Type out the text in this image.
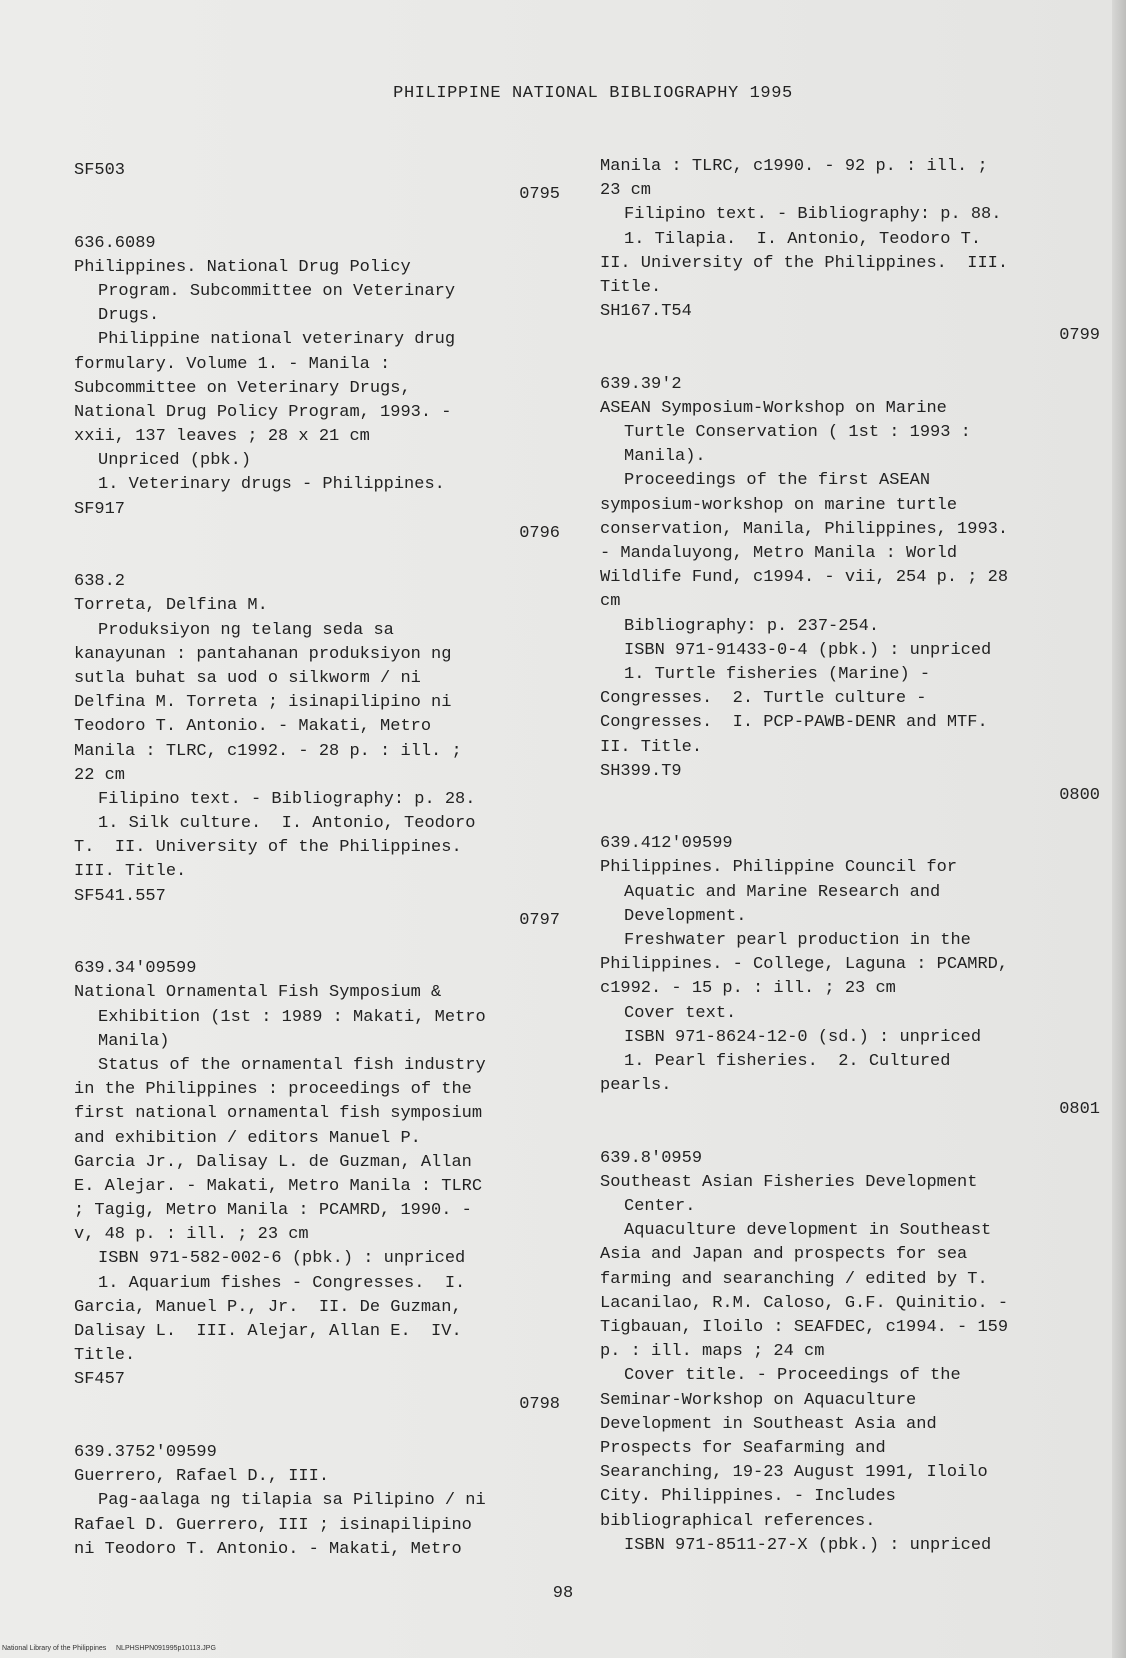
PHILIPPINE NATIONAL BIBLIOGRAPHY 1995
SF503
0795
636.6089
Philippines. National Drug Policy
Program. Subcommittee on Veterinary
Drugs.
Philippine national veterinary drug
formulary. Volume 1. - Manila :
Subcommittee on Veterinary Drugs,
National Drug Policy Program, 1993. -
xxii, 137 leaves ; 28 x 21 cm
Unpriced (pbk.)
1. Veterinary drugs - Philippines.
SF917
0796
638.2
Torreta, Delfina M.
Produksiyon ng telang seda sa
kanayunan : pantahanan produksiyon ng
sutla buhat sa uod o silkworm / ni
Delfina M. Torreta ; isinapilipino ni
Teodoro T. Antonio. - Makati, Metro
Manila : TLRC, c1992. - 28 p. : ill. ;
22 cm
Filipino text. - Bibliography: p. 28.
1. Silk culture.  I. Antonio, Teodoro
T.  II. University of the Philippines.
III. Title.
SF541.557
0797
639.34'09599
National Ornamental Fish Symposium &
Exhibition (1st : 1989 : Makati, Metro
Manila)
Status of the ornamental fish industry
in the Philippines : proceedings of the
first national ornamental fish symposium
and exhibition / editors Manuel P.
Garcia Jr., Dalisay L. de Guzman, Allan
E. Alejar. - Makati, Metro Manila : TLRC
; Tagig, Metro Manila : PCAMRD, 1990. -
v, 48 p. : ill. ; 23 cm
ISBN 971-582-002-6 (pbk.) : unpriced
1. Aquarium fishes - Congresses.  I.
Garcia, Manuel P., Jr.  II. De Guzman,
Dalisay L.  III. Alejar, Allan E.  IV.
Title.
SF457
0798
639.3752'09599
Guerrero, Rafael D., III.
Pag-aalaga ng tilapia sa Pilipino / ni
Rafael D. Guerrero, III ; isinapilipino
ni Teodoro T. Antonio. - Makati, Metro
Manila : TLRC, c1990. - 92 p. : ill. ;
23 cm
Filipino text. - Bibliography: p. 88.
1. Tilapia.  I. Antonio, Teodoro T.
II. University of the Philippines.  III.
Title.
SH167.T54
0799
639.39'2
ASEAN Symposium-Workshop on Marine
Turtle Conservation ( 1st : 1993 :
Manila).
Proceedings of the first ASEAN
symposium-workshop on marine turtle
conservation, Manila, Philippines, 1993.
- Mandaluyong, Metro Manila : World
Wildlife Fund, c1994. - vii, 254 p. ; 28
cm
Bibliography: p. 237-254.
ISBN 971-91433-0-4 (pbk.) : unpriced
1. Turtle fisheries (Marine) -
Congresses.  2. Turtle culture -
Congresses.  I. PCP-PAWB-DENR and MTF.
II. Title.
SH399.T9
0800
639.412'09599
Philippines. Philippine Council for
Aquatic and Marine Research and
Development.
Freshwater pearl production in the
Philippines. - College, Laguna : PCAMRD,
c1992. - 15 p. : ill. ; 23 cm
Cover text.
ISBN 971-8624-12-0 (sd.) : unpriced
1. Pearl fisheries.  2. Cultured
pearls.
0801
639.8'0959
Southeast Asian Fisheries Development
Center.
Aquaculture development in Southeast
Asia and Japan and prospects for sea
farming and searanching / edited by T.
Lacanilao, R.M. Caloso, G.F. Quinitio. -
Tigbauan, Iloilo : SEAFDEC, c1994. - 159
p. : ill. maps ; 24 cm
Cover title. - Proceedings of the
Seminar-Workshop on Aquaculture
Development in Southeast Asia and
Prospects for Seafarming and
Searanching, 19-23 August 1991, Iloilo
City. Philippines. - Includes
bibliographical references.
ISBN 971-8511-27-X (pbk.) : unpriced
98
National Library of the Philippines     NLPHSHPN091995p10113.JPG
